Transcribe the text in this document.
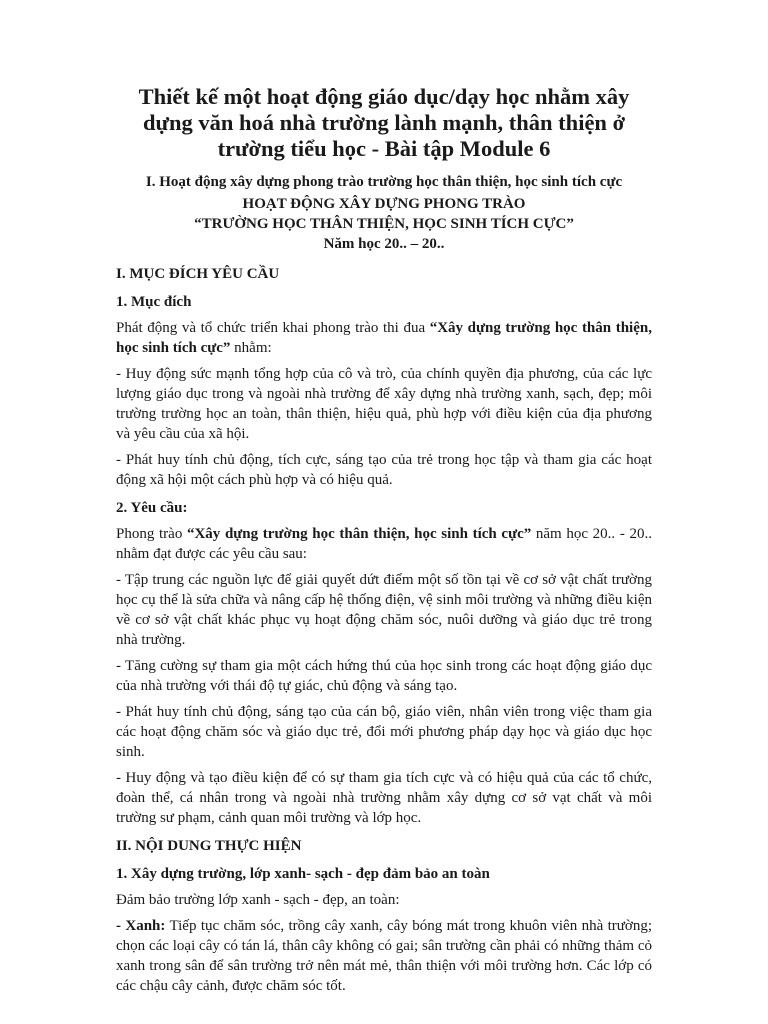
Thiết kế một hoạt động giáo dục/dạy học nhằm xây dựng văn hoá nhà trường lành mạnh, thân thiện ở trường tiểu học - Bài tập Module 6
I. Hoạt động xây dựng phong trào trường học thân thiện, học sinh tích cực
HOẠT ĐỘNG XÂY DỰNG PHONG TRÀO
“TRƯỜNG HỌC THÂN THIỆN, HỌC SINH TÍCH CỰC”
Năm học 20.. – 20..
I. MỤC ĐÍCH YÊU CẦU
1. Mục đích

Phát động và tổ chức triển khai phong trào thi đua “Xây dựng trường học thân thiện, học sinh tích cực” nhằm:

- Huy động sức mạnh tổng hợp của cô và trò, của chính quyền địa phương, của các lực lượng giáo dục trong và ngoài nhà trường để xây dựng nhà trường xanh, sạch, đẹp; môi trường trường học an toàn, thân thiện, hiệu quả, phù hợp với điều kiện của địa phương và yêu cầu của xã hội.

- Phát huy tính chủ động, tích cực, sáng tạo của trẻ trong học tập và tham gia các hoạt động xã hội một cách phù hợp và có hiệu quả.

2. Yêu cầu:

Phong trào “Xây dựng trường học thân thiện, học sinh tích cực” năm học 20.. - 20.. nhằm đạt được các yêu cầu sau:

- Tập trung các nguồn lực để giải quyết dứt điểm một số tồn tại về cơ sở vật chất trường học cụ thể là sửa chữa và nâng cấp hệ thống điện, vệ sinh môi trường và những điều kiện về cơ sở vật chất khác phục vụ hoạt động chăm sóc, nuôi dưỡng và giáo dục trẻ trong nhà trường.

- Tăng cường sự tham gia một cách hứng thú của học sinh trong các hoạt động giáo dục của nhà trường với thái độ tự giác, chủ động và sáng tạo.

- Phát huy tính chủ động, sáng tạo của cán bộ, giáo viên, nhân viên trong việc tham gia các hoạt động chăm sóc và giáo dục trẻ, đổi mới phương pháp dạy học và giáo dục học sinh.

- Huy động và tạo điều kiện để có sự tham gia tích cực và có hiệu quả của các tổ chức, đoàn thể, cá nhân trong và ngoài nhà trường nhằm xây dựng cơ sở vạt chất và môi trường sư phạm, cảnh quan môi trường và lớp học.

II. NỘI DUNG THỰC HIỆN
1. Xây dựng trường, lớp xanh- sạch - đẹp đảm bảo an toàn

Đảm bảo trường lớp xanh - sạch - đẹp, an toàn:

- Xanh: Tiếp tục chăm sóc, trồng cây xanh, cây bóng mát trong khuôn viên nhà trường; chọn các loại cây có tán lá, thân cây không có gai; sân trường cần phải có những thảm cỏ xanh trong sân để sân trường trở nên mát mẻ, thân thiện với môi trường hơn. Các lớp có các chậu cây cảnh, được chăm sóc tốt.
